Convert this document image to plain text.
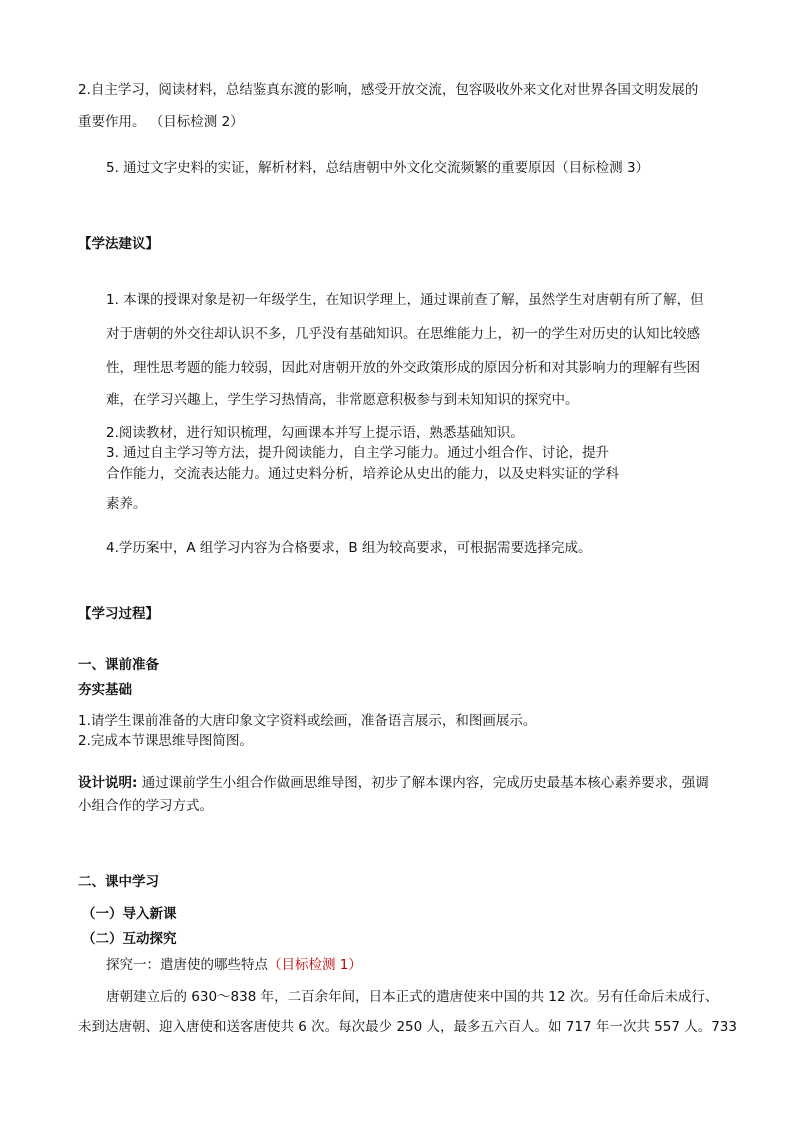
2.自主学习，阅读材料，总结鉴真东渡的影响，感受开放交流，包容吸收外来文化对世界各国文明发展的
重要作用。 （目标检测 2）
5. 通过文字史料的实证，解析材料，总结唐朝中外文化交流频繁的重要原因（目标检测 3）
【学法建议】
1. 本课的授课对象是初一年级学生，在知识学理上，通过课前查了解，虽然学生对唐朝有所了解，但
对于唐朝的外交往却认识不多，几乎没有基础知识。在思维能力上，初一的学生对历史的认知比较感
性，理性思考题的能力较弱，因此对唐朝开放的外交政策形成的原因分析和对其影响力的理解有些困
难，在学习兴趣上，学生学习热情高，非常愿意积极参与到未知知识的探究中。
2.阅读教材，进行知识梳理，勾画课本并写上提示语，熟悉基础知识。
3. 通过自主学习等方法，提升阅读能力，自主学习能力。通过小组合作、讨论，提升
合作能力，交流表达能力。通过史料分析，培养论从史出的能力，以及史料实证的学科
素养。
4.学历案中，A 组学习内容为合格要求，B 组为较高要求，可根据需要选择完成。
【学习过程】
一、课前准备
夯实基础
1.请学生课前准备的大唐印象文字资料或绘画，准备语言展示，和图画展示。
2.完成本节课思维导图简图。
设计说明: 通过课前学生小组合作做画思维导图，初步了解本课内容，完成历史最基本核心素养要求，强调
小组合作的学习方式。
二、课中学习
（一）导入新课
（二）互动探究
探究一：遣唐使的哪些特点（目标检测 1）
唐朝建立后的 630～838 年，二百余年间，日本正式的遣唐使来中国的共 12 次。另有任命后未成行、
未到达唐朝、迎入唐使和送客唐使共 6 次。每次最少 250 人，最多五六百人。如 717 年一次共 557 人。733
